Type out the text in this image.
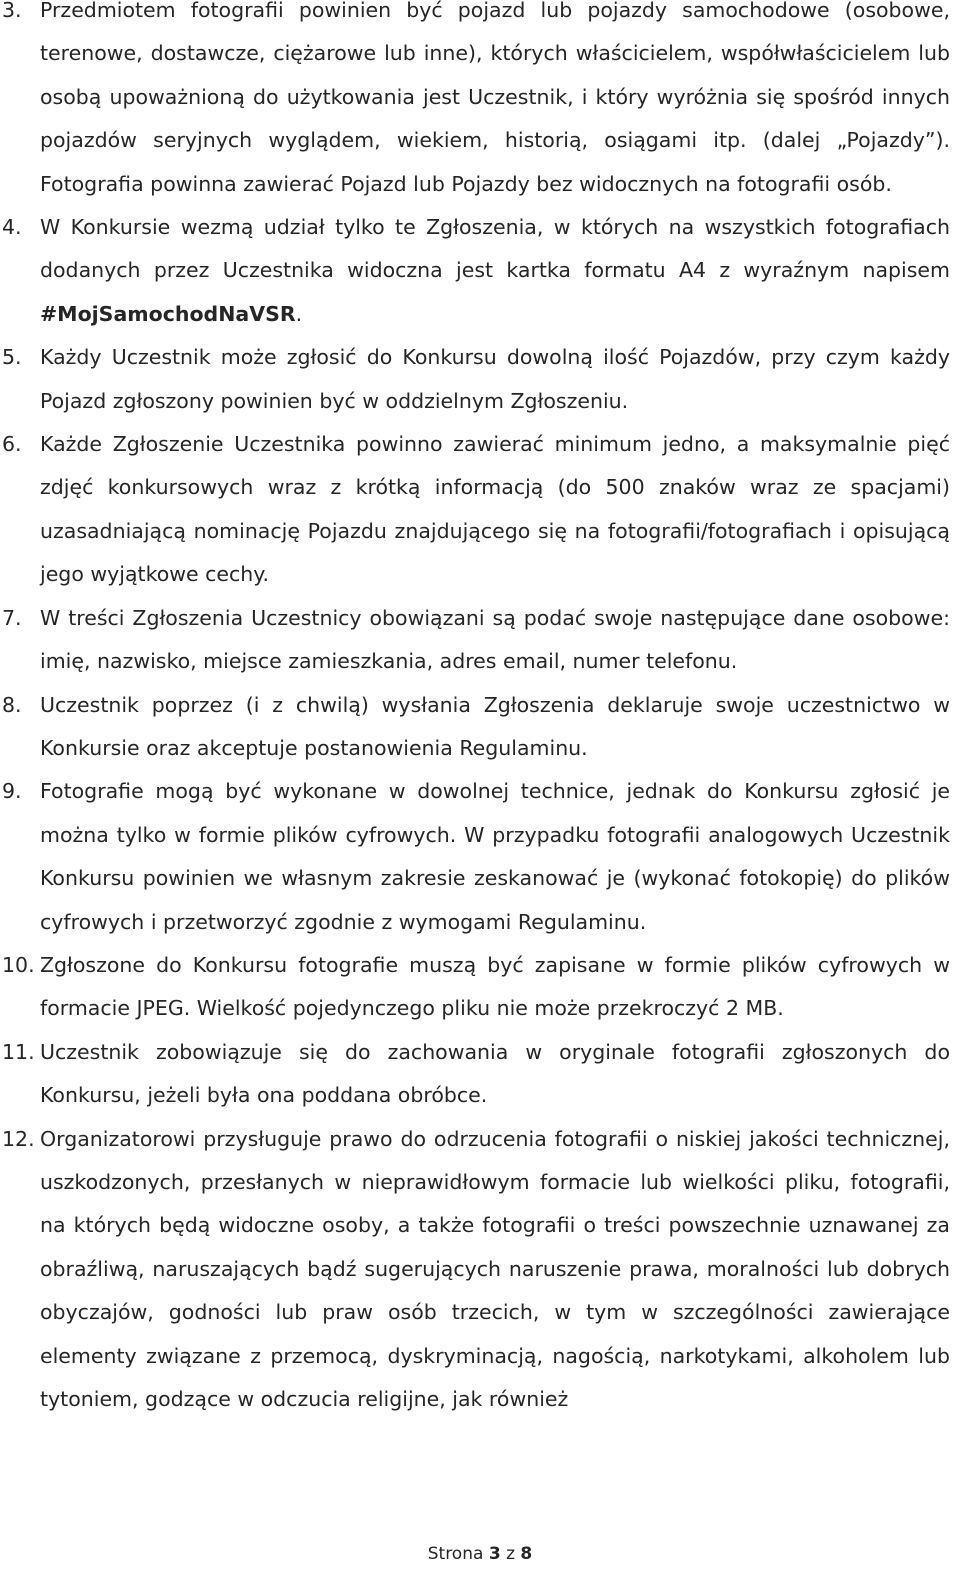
3. Przedmiotem fotografii powinien być pojazd lub pojazdy samochodowe (osobowe, terenowe, dostawcze, ciężarowe lub inne), których właścicielem, współwłaścicielem lub osobą upoważnioną do użytkowania jest Uczestnik, i który wyróżnia się spośród innych pojazdów seryjnych wyglądem, wiekiem, historią, osiągami itp. (dalej „Pojazdy”). Fotografia powinna zawierać Pojazd lub Pojazdy bez widocznych na fotografii osób.
4. W Konkursie wezmą udział tylko te Zgłoszenia, w których na wszystkich fotografiach dodanych przez Uczestnika widoczna jest kartka formatu A4 z wyraźnym napisem #MojSamochodNaVSR.
5. Każdy Uczestnik może zgłosić do Konkursu dowolną ilość Pojazdów, przy czym każdy Pojazd zgłoszony powinien być w oddzielnym Zgłoszeniu.
6. Każde Zgłoszenie Uczestnika powinno zawierać minimum jedno, a maksymalnie pięć zdjęć konkursowych wraz z krótką informacją (do 500 znaków wraz ze spacjami) uzasadniającą nominację Pojazdu znajdującego się na fotografii/fotografiach i opisującą jego wyjątkowe cechy.
7. W treści Zgłoszenia Uczestnicy obowiązani są podać swoje następujące dane osobowe: imię, nazwisko, miejsce zamieszkania, adres email, numer telefonu.
8. Uczestnik poprzez (i z chwilą) wysłania Zgłoszenia deklaruje swoje uczestnictwo w Konkursie oraz akceptuje postanowienia Regulaminu.
9. Fotografie mogą być wykonane w dowolnej technice, jednak do Konkursu zgłosić je można tylko w formie plików cyfrowych. W przypadku fotografii analogowych Uczestnik Konkursu powinien we własnym zakresie zeskanować je (wykonać fotokopię) do plików cyfrowych i przetworzyć zgodnie z wymogami Regulaminu.
10. Zgłoszone do Konkursu fotografie muszą być zapisane w formie plików cyfrowych w formacie JPEG. Wielkość pojedynczego pliku nie może przekroczyć 2 MB.
11. Uczestnik zobowiązuje się do zachowania w oryginale fotografii zgłoszonych do Konkursu, jeżeli była ona poddana obróbce.
12. Organizatorowi przysługuje prawo do odrzucenia fotografii o niskiej jakości technicznej, uszkodzonych, przesłanych w nieprawidłowym formacie lub wielkości pliku, fotografii, na których będą widoczne osoby, a także fotografii o treści powszechnie uznawanej za obraźliwą, naruszających bądź sugerujących naruszenie prawa, moralności lub dobrych obyczajów, godności lub praw osób trzecich, w tym w szczególności zawierające elementy związane z przemocą, dyskryminacją, nagością, narkotykami, alkoholem lub tytoniem, godzące w odczucia religijne, jak również
Strona 3 z 8
